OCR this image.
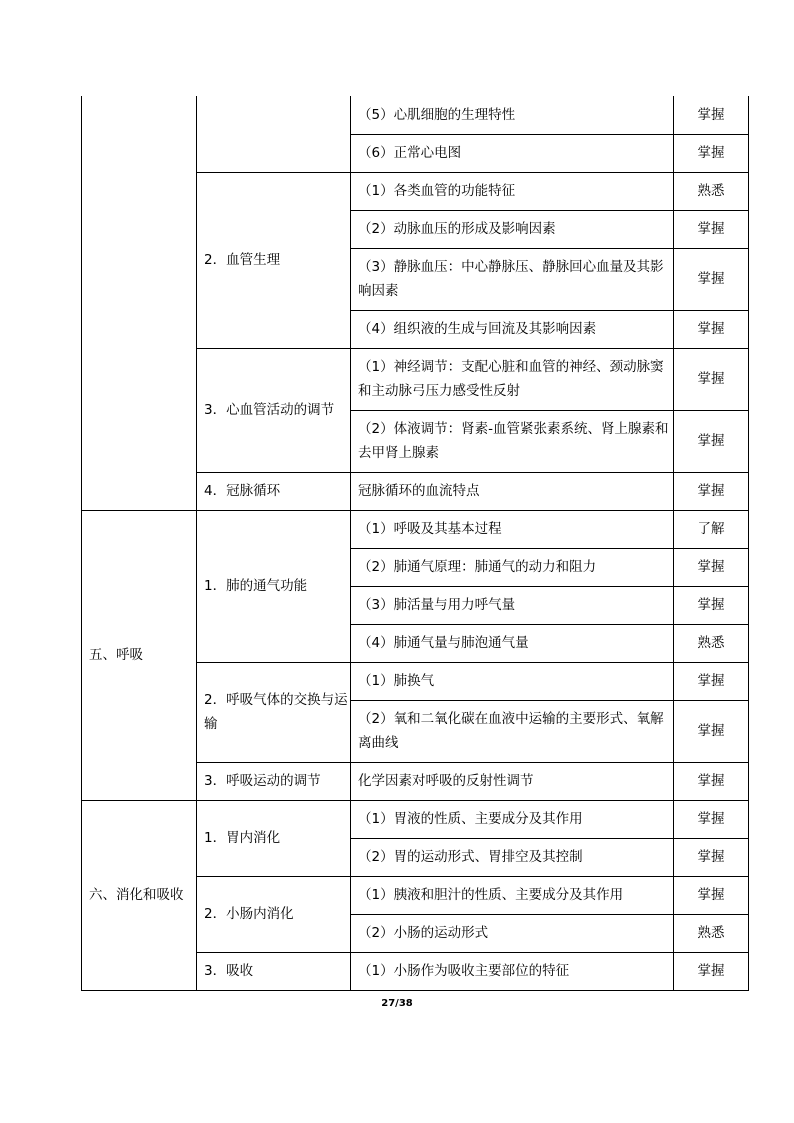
		（5）心肌细胞的生理特性	掌握
		（6）正常心电图	掌握
	2．血管生理	（1）各类血管的功能特征	熟悉
		（2）动脉血压的形成及影响因素	掌握
		（3）静脉血压：中心静脉压、静脉回心血量及其影响因素	掌握
		（4）组织液的生成与回流及其影响因素	掌握
	3．心血管活动的调节	（1）神经调节：支配心脏和血管的神经、颈动脉窦和主动脉弓压力感受性反射	掌握
		（2）体液调节：肾素-血管紧张素系统、肾上腺素和去甲肾上腺素	掌握
	4．冠脉循环	冠脉循环的血流特点	掌握
五、呼吸	1．肺的通气功能	（1）呼吸及其基本过程	了解
		（2）肺通气原理：肺通气的动力和阻力	掌握
		（3）肺活量与用力呼气量	掌握
		（4）肺通气量与肺泡通气量	熟悉
	2．呼吸气体的交换与运输	（1）肺换气	掌握
		（2）氧和二氧化碳在血液中运输的主要形式、氧解离曲线	掌握
	3．呼吸运动的调节	化学因素对呼吸的反射性调节	掌握
六、消化和吸收	1．胃内消化	（1）胃液的性质、主要成分及其作用	掌握
		（2）胃的运动形式、胃排空及其控制	掌握
	2．小肠内消化	（1）胰液和胆汁的性质、主要成分及其作用	掌握
		（2）小肠的运动形式	熟悉
	3．吸收	（1）小肠作为吸收主要部位的特征	掌握
27/38
